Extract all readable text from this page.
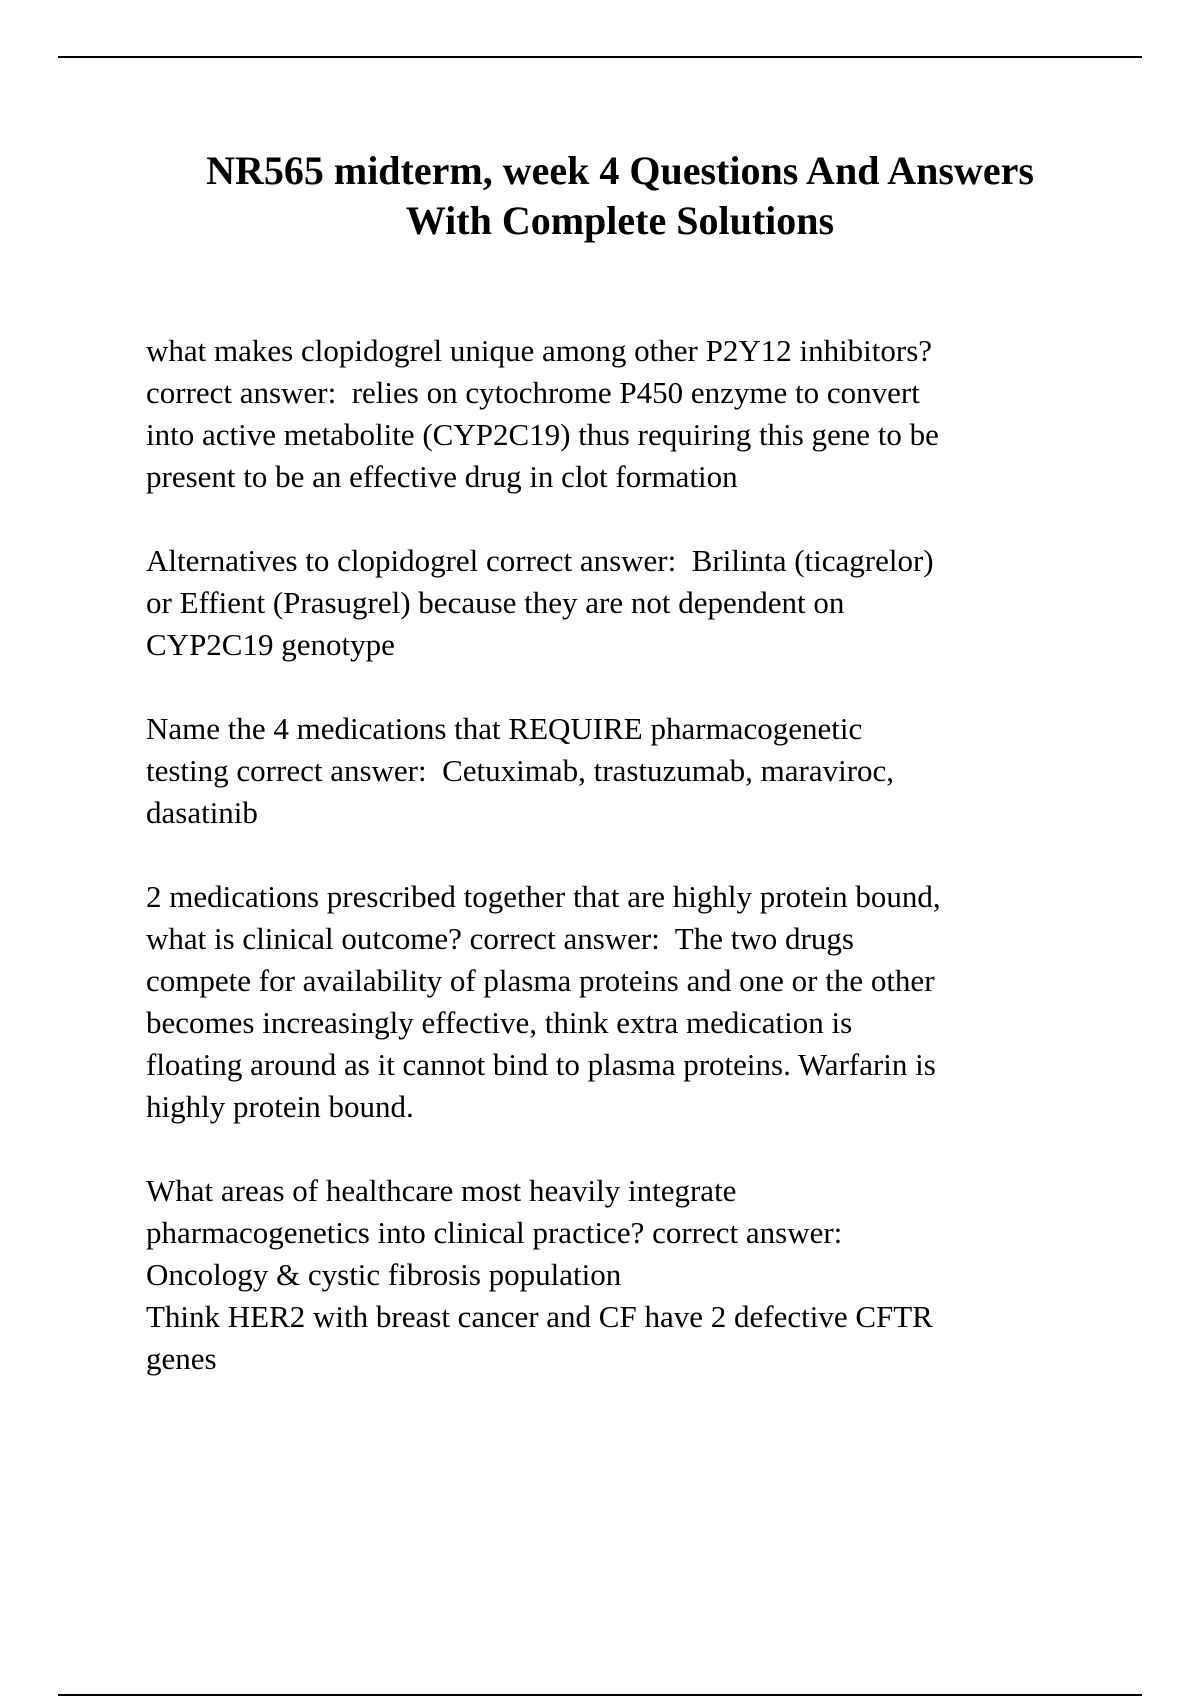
NR565 midterm, week 4 Questions And Answers
With Complete Solutions

what makes clopidogrel unique among other P2Y12 inhibitors?
correct answer:  relies on cytochrome P450 enzyme to convert
into active metabolite (CYP2C19) thus requiring this gene to be
present to be an effective drug in clot formation

Alternatives to clopidogrel correct answer:  Brilinta (ticagrelor)
or Effient (Prasugrel) because they are not dependent on
CYP2C19 genotype

Name the 4 medications that REQUIRE pharmacogenetic
testing correct answer:  Cetuximab, trastuzumab, maraviroc,
dasatinib

2 medications prescribed together that are highly protein bound,
what is clinical outcome? correct answer:  The two drugs
compete for availability of plasma proteins and one or the other
becomes increasingly effective, think extra medication is
floating around as it cannot bind to plasma proteins. Warfarin is
highly protein bound.

What areas of healthcare most heavily integrate
pharmacogenetics into clinical practice? correct answer:
Oncology & cystic fibrosis population
Think HER2 with breast cancer and CF have 2 defective CFTR
genes
